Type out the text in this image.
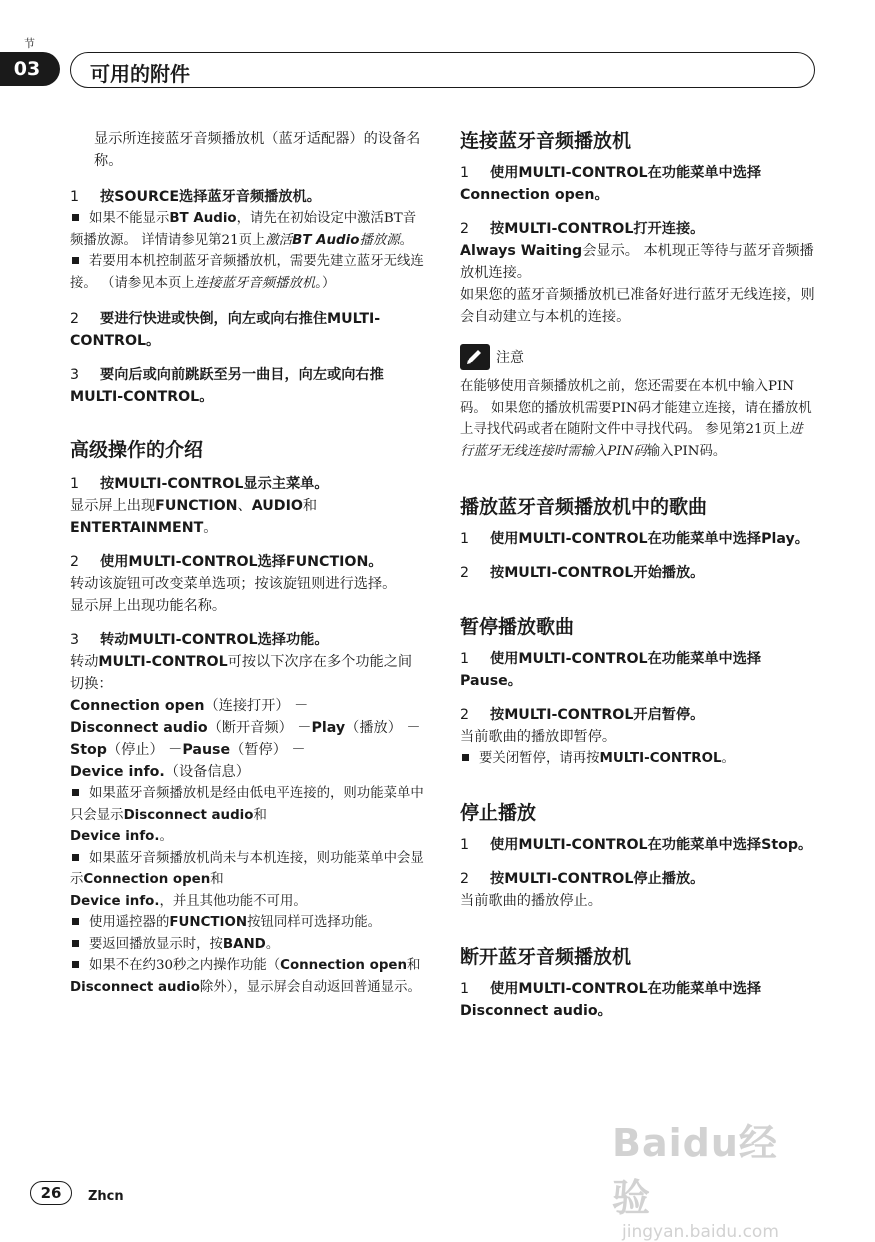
节
03	可用的附件

显示所连接蓝牙音频播放机（蓝牙适配器）的设备名称。

1 按SOURCE选择蓝牙音频播放机。

如果不能显示BT Audio，请先在初始设定中激活BT音频播放源。 详情请参见第21页上激活BT Audio播放源。

若要用本机控制蓝牙音频播放机，需要先建立蓝牙无线连接。 （请参见本页上连接蓝牙音频播放机。）

2 要进行快进或快倒，向左或向右推住MULTI-CONTROL。

3 要向后或向前跳跃至另一曲目，向左或向右推MULTI-CONTROL。

高级操作的介绍

1 按MULTI-CONTROL显示主菜单。

显示屏上出现FUNCTION、AUDIO和ENTERTAINMENT。

2 使用MULTI-CONTROL选择FUNCTION。

转动该旋钮可改变菜单选项；按该旋钮则进行选择。

显示屏上出现功能名称。

3 转动MULTI-CONTROL选择功能。

转动MULTI-CONTROL可按以下次序在多个功能之间切换：

Connection open（连接打开） －
Disconnect audio（断开音频） －Play（播放） －Stop（停止） －Pause（暂停） －
Device info.（设备信息）

如果蓝牙音频播放机是经由低电平连接的，则功能菜单中只会显示Disconnect audio和
Device info.。

如果蓝牙音频播放机尚未与本机连接，则功能菜单中会显示Connection open和
Device info.，并且其他功能不可用。

使用遥控器的FUNCTION按钮同样可选择功能。

要返回播放显示时，按BAND。

如果不在约30秒之内操作功能（Connection open和Disconnect audio除外），显示屏会自动返回普通显示。

连接蓝牙音频播放机

1 使用MULTI-CONTROL在功能菜单中选择Connection open。

2 按MULTI-CONTROL打开连接。

Always Waiting会显示。 本机现正等待与蓝牙音频播放机连接。

如果您的蓝牙音频播放机已准备好进行蓝牙无线连接，则会自动建立与本机的连接。

注意

在能够使用音频播放机之前，您还需要在本机中输入PIN码。 如果您的播放机需要PIN码才能建立连接，请在播放机上寻找代码或者在随附文件中寻找代码。 参见第21页上进行蓝牙无线连接时需输入PIN码输入PIN码。

播放蓝牙音频播放机中的歌曲

1 使用MULTI-CONTROL在功能菜单中选择Play。

2 按MULTI-CONTROL开始播放。

暂停播放歌曲

1 使用MULTI-CONTROL在功能菜单中选择Pause。

2 按MULTI-CONTROL开启暂停。

当前歌曲的播放即暂停。

要关闭暂停，请再按MULTI-CONTROL。

停止播放

1 使用MULTI-CONTROL在功能菜单中选择Stop。

2 按MULTI-CONTROL停止播放。

当前歌曲的播放停止。

断开蓝牙音频播放机

1 使用MULTI-CONTROL在功能菜单中选择Disconnect audio。

Baidu经验
jingyan.baidu.com
26	Zhcn
